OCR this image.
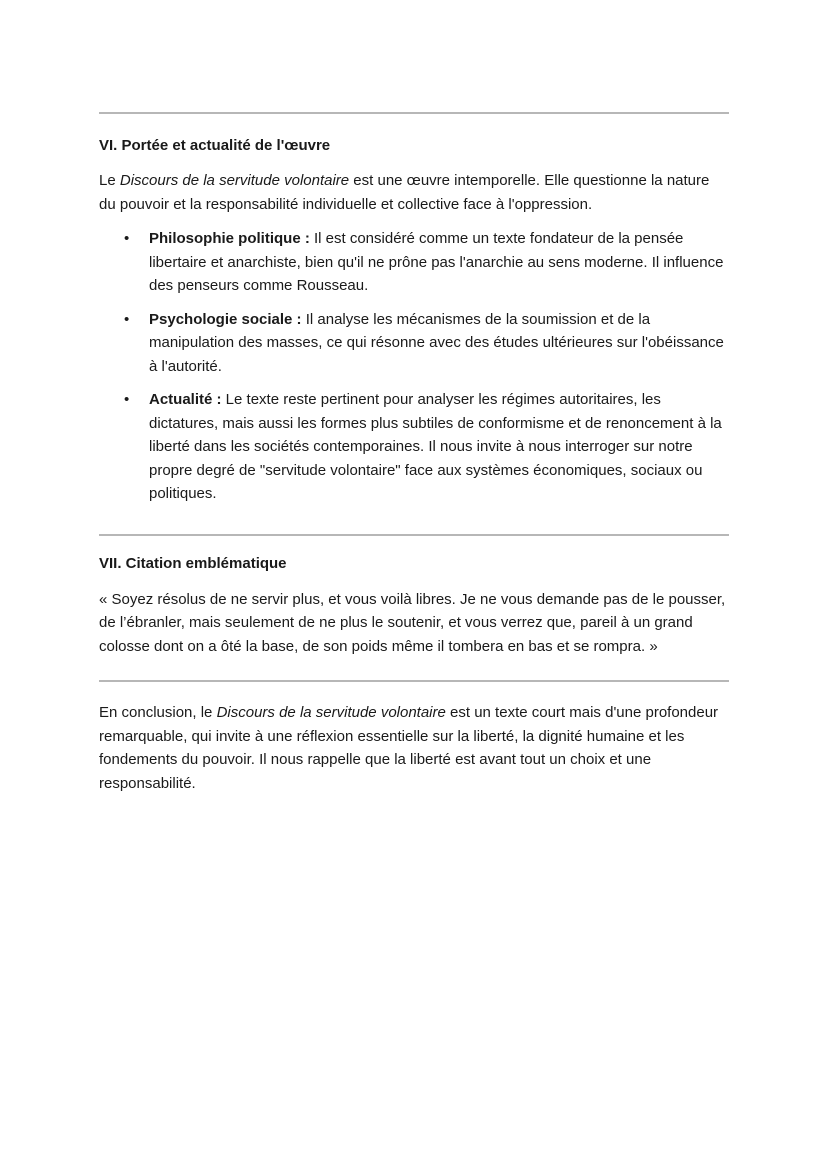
VI. Portée et actualité de l'œuvre

Le Discours de la servitude volontaire est une œuvre intemporelle. Elle questionne la nature du pouvoir et la responsabilité individuelle et collective face à l'oppression.

• Philosophie politique : Il est considéré comme un texte fondateur de la pensée libertaire et anarchiste, bien qu'il ne prône pas l'anarchie au sens moderne. Il influence des penseurs comme Rousseau.
• Psychologie sociale : Il analyse les mécanismes de la soumission et de la manipulation des masses, ce qui résonne avec des études ultérieures sur l'obéissance à l'autorité.
• Actualité : Le texte reste pertinent pour analyser les régimes autoritaires, les dictatures, mais aussi les formes plus subtiles de conformisme et de renoncement à la liberté dans les sociétés contemporaines. Il nous invite à nous interroger sur notre propre degré de "servitude volontaire" face aux systèmes économiques, sociaux ou politiques.
VII. Citation emblématique

« Soyez résolus de ne servir plus, et vous voilà libres. Je ne vous demande pas de le pousser, de l’ébranler, mais seulement de ne plus le soutenir, et vous verrez que, pareil à un grand colosse dont on a ôté la base, de son poids même il tombera en bas et se rompra. »

En conclusion, le Discours de la servitude volontaire est un texte court mais d'une profondeur remarquable, qui invite à une réflexion essentielle sur la liberté, la dignité humaine et les fondements du pouvoir. Il nous rappelle que la liberté est avant tout un choix et une responsabilité.
